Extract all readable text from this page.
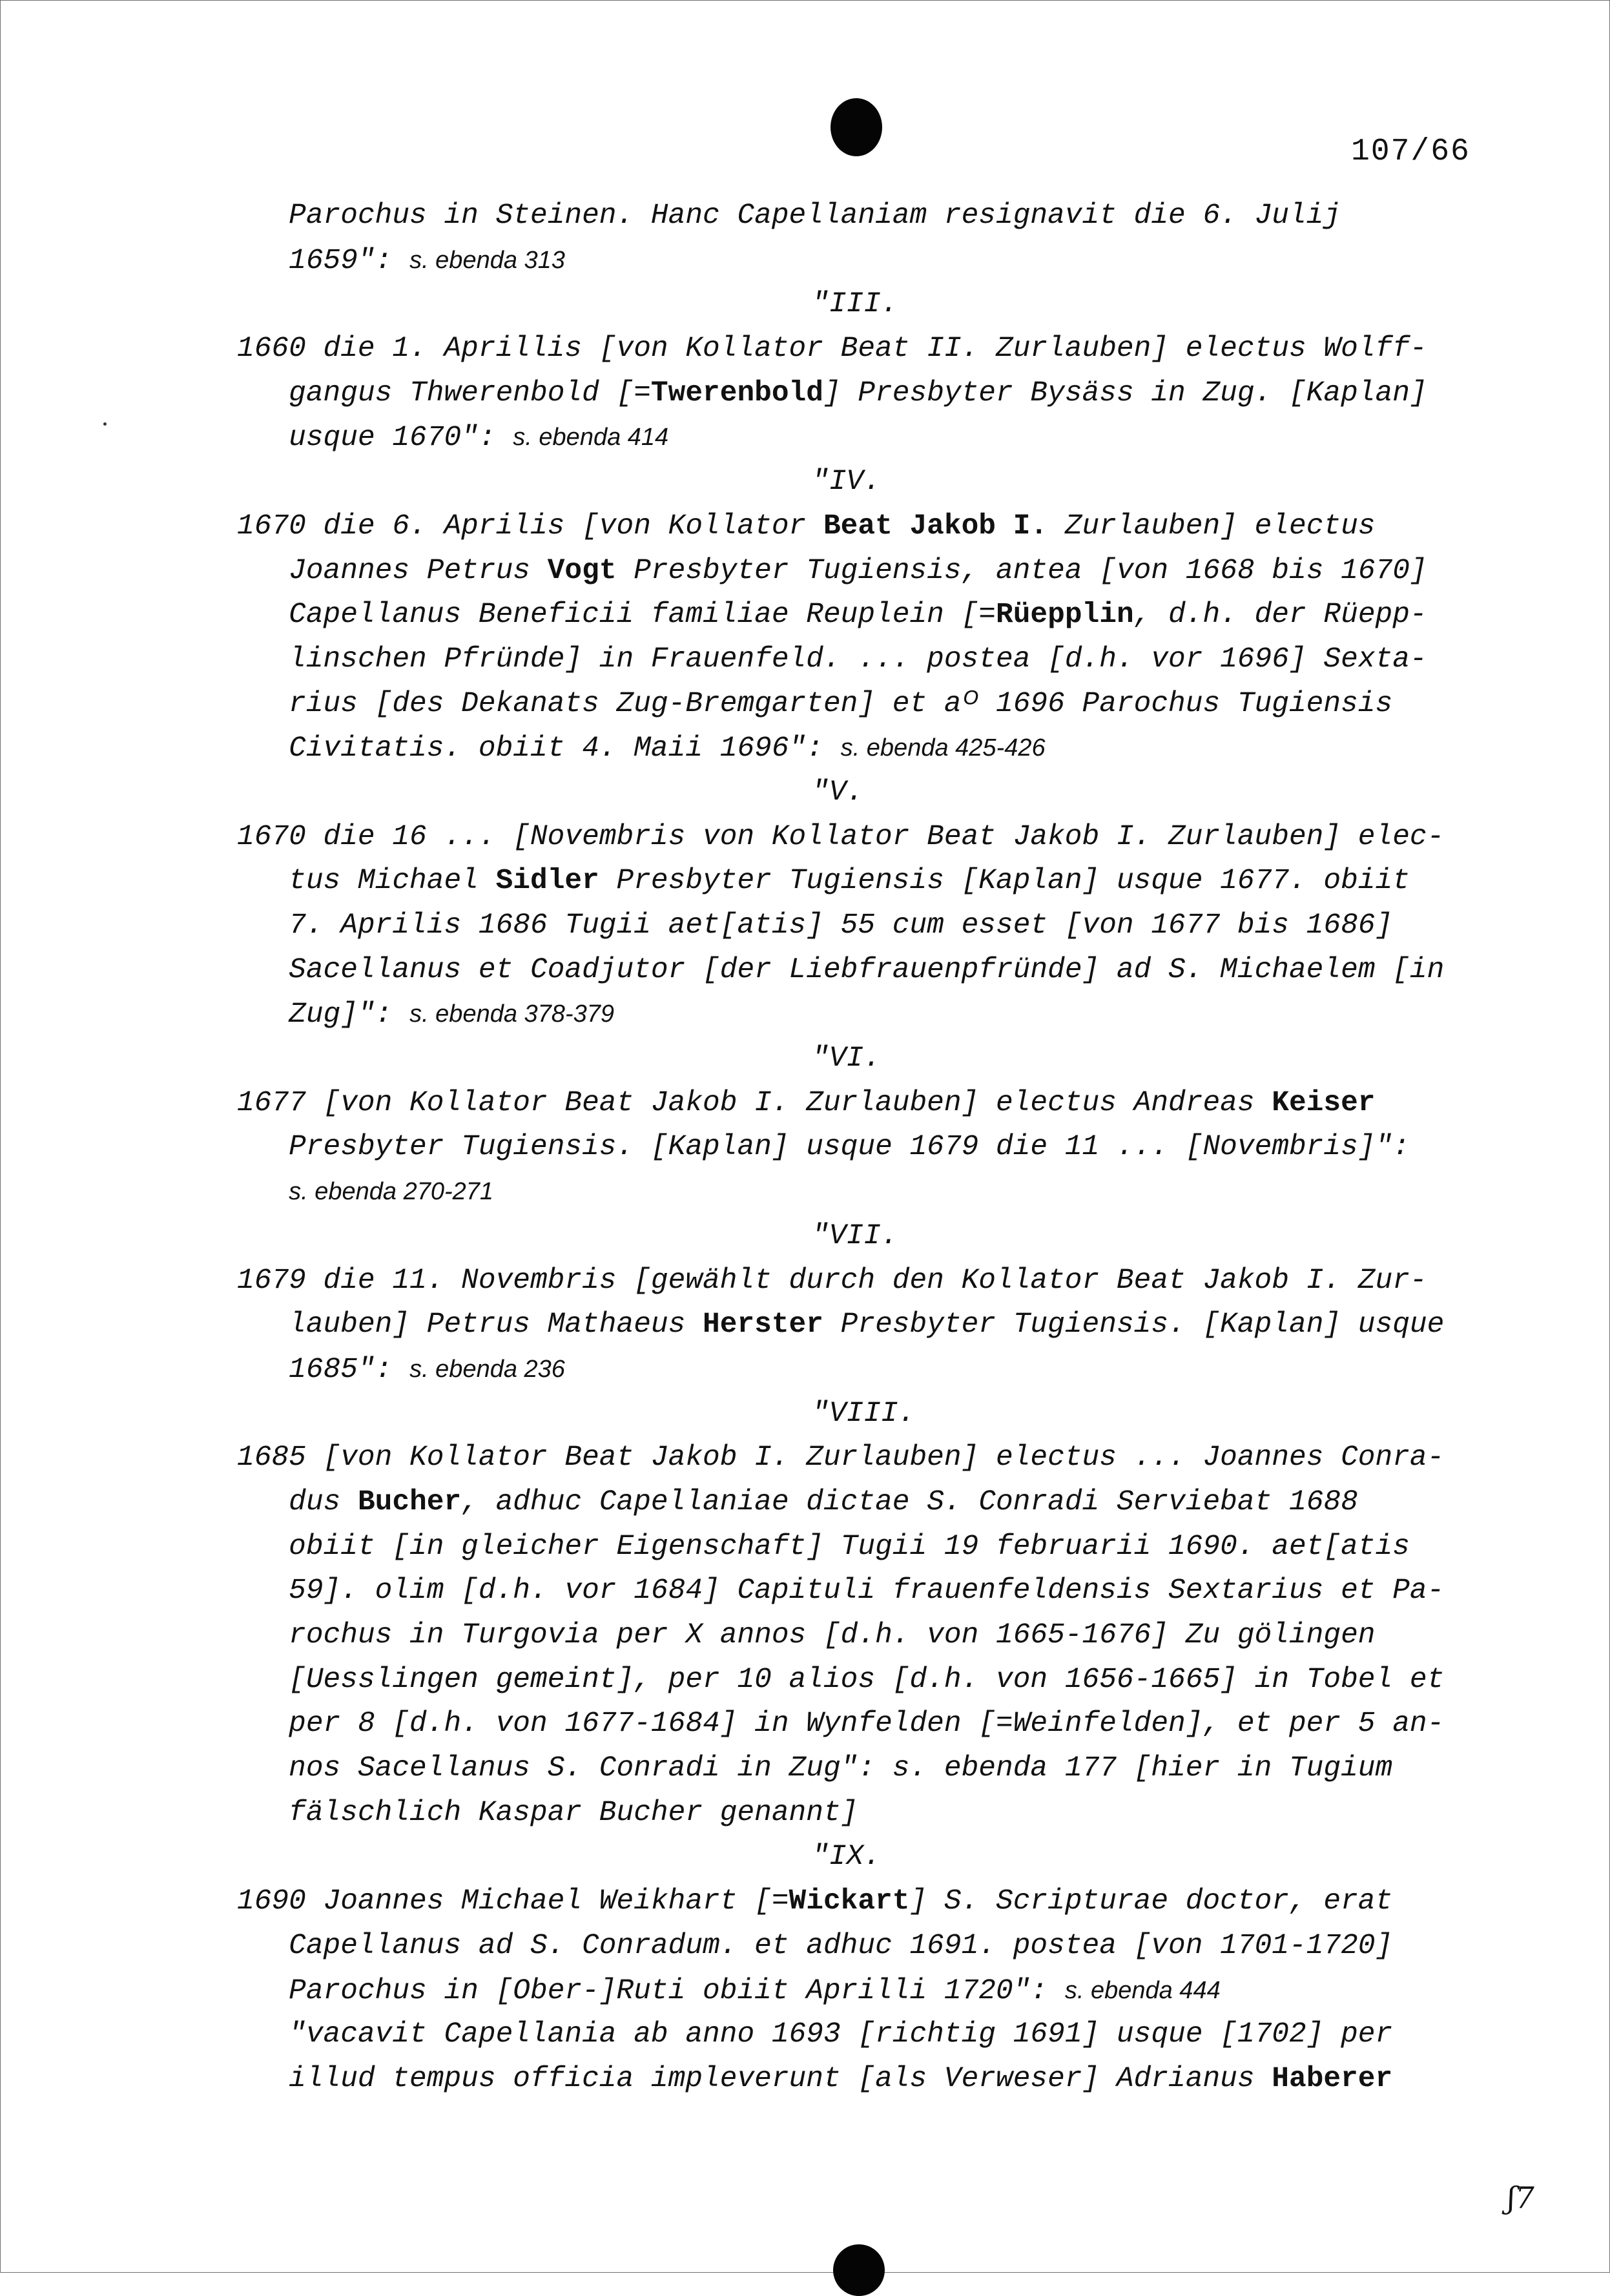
107/66
Parochus in Steinen. Hanc Capellaniam resignavit die 6. Julij
1659": s. ebenda 313
"III.
1660 die 1. Aprillis [von Kollator Beat II. Zurlauben] electus Wolff-
gangus Thwerenbold [=Twerenbold] Presbyter Bysäss in Zug. [Kaplan]
usque 1670": s. ebenda 414
"IV.
1670 die 6. Aprilis [von Kollator Beat Jakob I. Zurlauben] electus
Joannes Petrus Vogt Presbyter Tugiensis, antea [von 1668 bis 1670]
Capellanus Beneficii familiae Reuplein [=Rüepplin, d.h. der Rüepp-
linschen Pfründe] in Frauenfeld. ... postea [d.h. vor 1696] Sexta-
rius [des Dekanats Zug-Bremgarten] et aᴼ 1696 Parochus Tugiensis
Civitatis. obiit 4. Maii 1696": s. ebenda 425-426
"V.
1670 die 16 ... [Novembris von Kollator Beat Jakob I. Zurlauben] elec-
tus Michael Sidler Presbyter Tugiensis [Kaplan] usque 1677. obiit
7. Aprilis 1686 Tugii aet[atis] 55 cum esset [von 1677 bis 1686]
Sacellanus et Coadjutor [der Liebfrauenpfründe] ad S. Michaelem [in
Zug]": s. ebenda 378-379
"VI.
1677 [von Kollator Beat Jakob I. Zurlauben] electus Andreas Keiser
Presbyter Tugiensis. [Kaplan] usque 1679 die 11 ... [Novembris]":
s. ebenda 270-271
"VII.
1679 die 11. Novembris [gewählt durch den Kollator Beat Jakob I. Zur-
lauben] Petrus Mathaeus Herster Presbyter Tugiensis. [Kaplan] usque
1685": s. ebenda 236
"VIII.
1685 [von Kollator Beat Jakob I. Zurlauben] electus ... Joannes Conra-
dus Bucher, adhuc Capellaniae dictae S. Conradi Serviebat 1688
obiit [in gleicher Eigenschaft] Tugii 19 februarii 1690. aet[atis
59]. olim [d.h. vor 1684] Capituli frauenfeldensis Sextarius et Pa-
rochus in Turgovia per X annos [d.h. von 1665-1676] Zu gölingen
[Uesslingen gemeint], per 10 alios [d.h. von 1656-1665] in Tobel et
per 8 [d.h. von 1677-1684] in Wynfelden [=Weinfelden], et per 5 an-
nos Sacellanus S. Conradi in Zug": s. ebenda 177 [hier in Tugium
fälschlich Kaspar Bucher genannt]
"IX.
1690 Joannes Michael Weikhart [=Wickart] S. Scripturae doctor, erat
Capellanus ad S. Conradum. et adhuc 1691. postea [von 1701-1720]
Parochus in [Ober-]Ruti obiit Aprilli 1720": s. ebenda 444
"vacavit Capellania ab anno 1693 [richtig 1691] usque [1702] per
illud tempus officia impleverunt [als Verweser] Adrianus Haberer
ʃ7
